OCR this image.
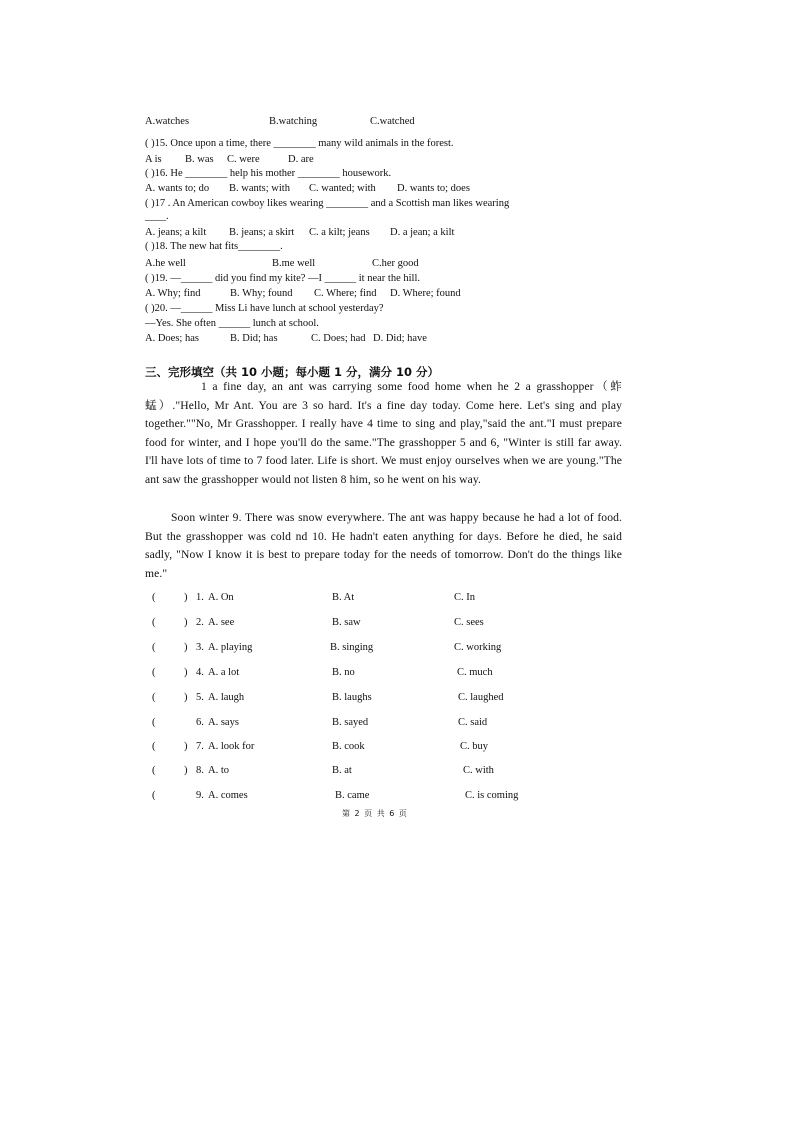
A.watches	B.watching	C.watched
( )15. Once upon a time, there ________ many wild animals in the forest.
A is B. was C. were	D. are
( )16. He ________ help his mother ________ housework.
A. wants to; do B. wants; with C. wanted; with D. wants to; does
( )17 . An American cowboy likes wearing ________ and a Scottish man likes wearing
____.
A. jeans; a kilt B. jeans; a skirt C. a kilt; jeans D. a jean; a kilt
( )18. The new hat fits________.
A.he well	B.me well	C.her good
( )19. —______ did you find my kite? —I ______ it near the hill.
A. Why; find	B. Why; found C. Where; find D. Where; found
( )20. —______ Miss Li have lunch at school yesterday?
—Yes. She often ______ lunch at school.
A. Does; has	B. Did; has	C. Does; had D. Did; have
三、完形填空（共 10 小题；每小题 1 分，满分 10 分）

1 a fine day, an ant was carrying some food home when he 2 a grasshopper（蚱蜢）."Hello, Mr Ant. You are 3 so hard. It's a fine day today. Come here. Let's sing and play together.""No, Mr Grasshopper. I really have 4 time to sing and play,"said the ant."I must prepare food for winter, and I hope you'll do the same."The grasshopper 5 and 6, "Winter is still far away. I'll have lots of time to 7 food later. Life is short. We must enjoy ourselves when we are young."The ant saw the grasshopper would not listen 8 him, so he went on his way.

Soon winter 9. There was snow everywhere. The ant was happy because he had a lot of food. But the grasshopper was cold nd 10. He hadn't eaten anything for days. Before he died, he said sadly, "Now I know it is best to prepare today for the needs of tomorrow. Don't do the things like me."

(	) 1. A. On	B. At	C. In
(	) 2. A. see	B. saw	C. sees
(	) 3. A. playing	B. singing	C. working
(	) 4. A. a lot	B. no	C. much
(	) 5. A. laugh	B. laughs	C. laughed
(	6. A. says	B. sayed	C. said
(	) 7. A. look for	B. cook	C. buy
(	) 8. A. to	B. at	C. with
(	9. A. comes	B. came	C. is coming
第 2 页 共 6 页
